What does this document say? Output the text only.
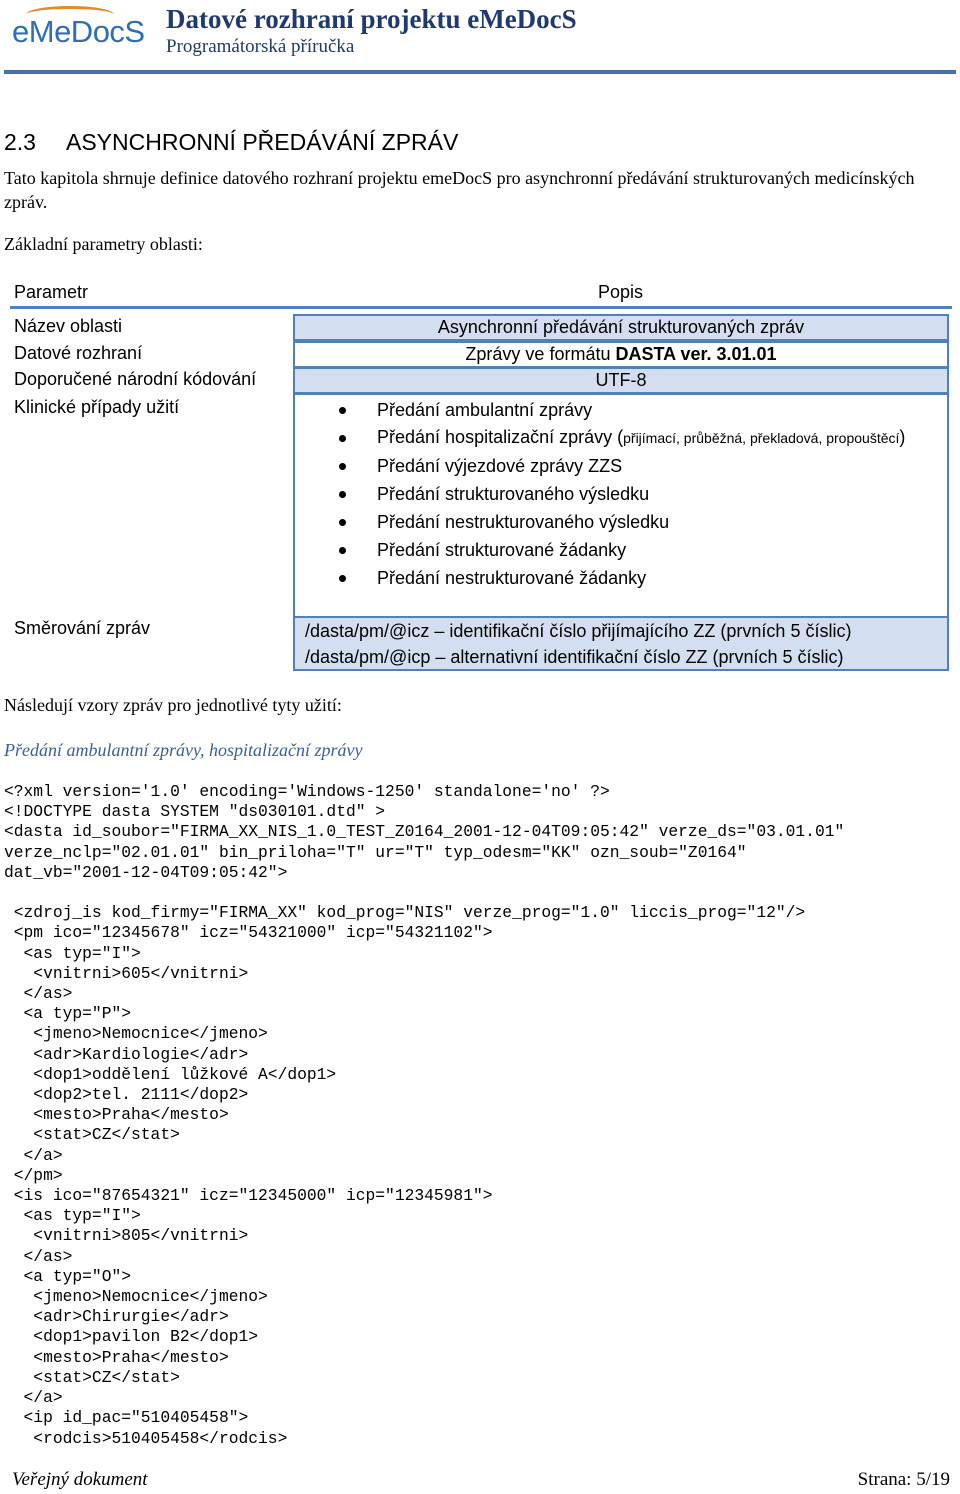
eMeDocS Datové rozhraní projektu eMeDocS
Programátorská příručka
2.3 ASYNCHRONNÍ PŘEDÁVÁNÍ ZPRÁV
Tato kapitola shrnuje definice datového rozhraní projektu emeDocS pro asynchronní předávání strukturovaných medicínských zpráv.
Základní parametry oblasti:
Parametr	Popis
Název oblasti	Asynchronní předávání strukturovaných zpráv
Datové rozhraní	Zprávy ve formátu DASTA ver. 3.01.01
Doporučené národní kódování	UTF-8
Klinické případy užití	Předání ambulantní zprávy
Předání hospitalizační zprávy (přijímací, průběžná, překladová, propouštěcí)
Předání výjezdové zprávy ZZS
Předání strukturovaného výsledku
Předání nestrukturovaného výsledku
Předání strukturované žádanky
Předání nestrukturované žádanky
Směrování zpráv	/dasta/pm/@icz – identifikační číslo přijímajícího ZZ (prvních 5 číslic)
/dasta/pm/@icp – alternativní identifikační číslo ZZ (prvních 5 číslic)
Následují vzory zpráv pro jednotlivé tyty užití:
Předání ambulantní zprávy, hospitalizační zprávy
<?xml version='1.0' encoding='Windows-1250' standalone='no' ?>
<!DOCTYPE dasta SYSTEM "ds030101.dtd" >
<dasta id_soubor="FIRMA_XX_NIS_1.0_TEST_Z0164_2001-12-04T09:05:42" verze_ds="03.01.01"
verze_nclp="02.01.01" bin_priloha="T" ur="T" typ_odesm="KK" ozn_soub="Z0164"
dat_vb="2001-12-04T09:05:42">

<zdroj_is kod_firmy="FIRMA_XX" kod_prog="NIS" verze_prog="1.0" liccis_prog="12"/>
<pm ico="12345678" icz="54321000" icp="54321102">
<as typ="I">
<vnitrni>605</vnitrni>
</as>
<a typ="P">
<jmeno>Nemocnice</jmeno>
<adr>Kardiologie</adr>
<dop1>oddělení lůžkové A</dop1>
<dop2>tel. 2111</dop2>
<mesto>Praha</mesto>
<stat>CZ</stat>
</a>
</pm>
<is ico="87654321" icz="12345000" icp="12345981">
<as typ="I">
<vnitrni>805</vnitrni>
</as>
<a typ="O">
<jmeno>Nemocnice</jmeno>
<adr>Chirurgie</adr>
<dop1>pavilon B2</dop1>
<mesto>Praha</mesto>
<stat>CZ</stat>
</a>
<ip id_pac="510405458">
<rodcis>510405458</rodcis>
Veřejný dokument	Strana: 5/19
